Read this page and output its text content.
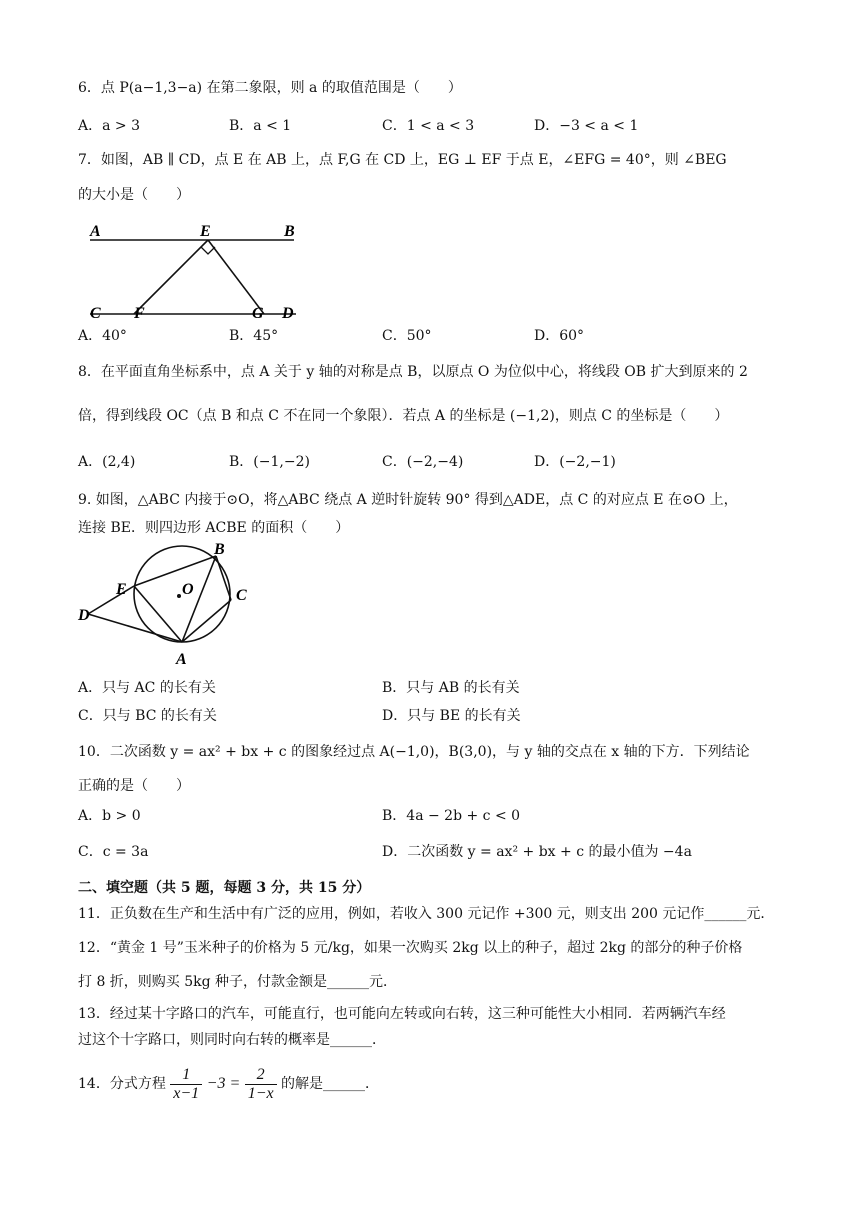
6．点 P(a−1,3−a) 在第二象限，则 a 的取值范围是（　　）
A．a > 3	B．a < 1	C．1 < a < 3	D．−3 < a < 1
7．如图，AB ∥ CD，点 E 在 AB 上，点 F,G 在 CD 上，EG ⊥ EF 于点 E，∠EFG = 40°，则 ∠BEG
的大小是（　　）
A	E	B
C F	G D
A．40°	B．45°	C．50°	D．60°
8．在平面直角坐标系中，点 A 关于 y 轴的对称是点 B，以原点 O 为位似中心，将线段 OB 扩大到原来的 2
倍，得到线段 OC（点 B 和点 C 不在同一个象限）．若点 A 的坐标是 (−1,2)，则点 C 的坐标是（　　）
A．(2,4)	B．(−1,−2)	C．(−2,−4)	D．(−2,−1)
9. 如图，△ABC 内接于⊙O，将△ABC 绕点 A 逆时针旋转 90° 得到△ADE，点 C 的对应点 E 在⊙O 上，
连接 BE．则四边形 ACBE 的面积（　　）
B
E	O	C
D
A
A．只与 AC 的长有关	B．只与 AB 的长有关
C．只与 BC 的长有关	D．只与 BE 的长有关
10．二次函数 y = ax² + bx + c 的图象经过点 A(−1,0)，B(3,0)，与 y 轴的交点在 x 轴的下方．下列结论
正确的是（　　）
A．b > 0	B．4a − 2b + c < 0
C．c = 3a	D．二次函数 y = ax² + bx + c 的最小值为 −4a
二、填空题（共 5 题，每题 3 分，共 15 分）
11．正负数在生产和生活中有广泛的应用，例如，若收入 300 元记作 +300 元，则支出 200 元记作______元．
12．“黄金 1 号”玉米种子的价格为 5 元/kg，如果一次购买 2kg 以上的种子，超过 2kg 的部分的种子价格
打 8 折，则购买 5kg 种子，付款金额是______元．
13．经过某十字路口的汽车，可能直行，也可能向左转或向右转，这三种可能性大小相同．若两辆汽车经
过这个十字路口，则同时向右转的概率是______．
14．分式方程 $\frac{1}{x-1} -3 = \frac{2}{1-x}$ 的解是______．
